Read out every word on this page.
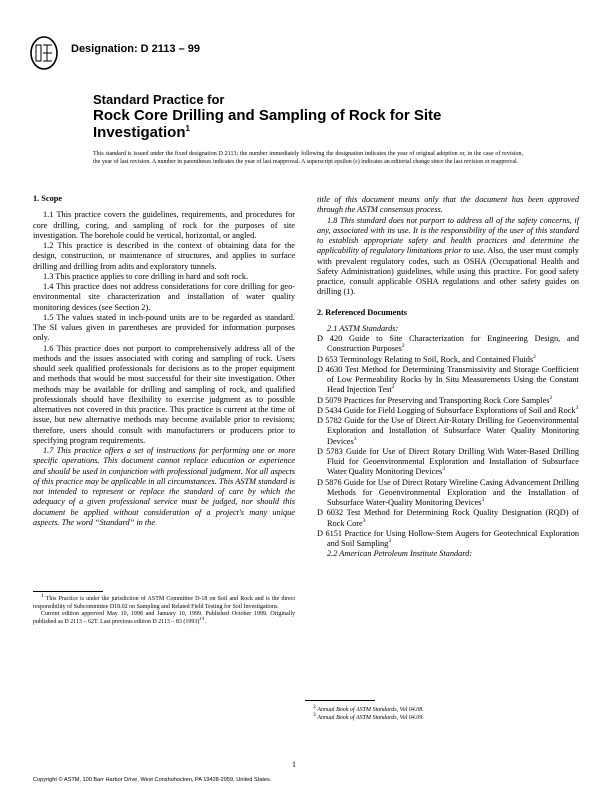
Designation: D 2113 – 99
Standard Practice for
Rock Core Drilling and Sampling of Rock for Site Investigation$^1$
This standard is issued under the fixed designation D 2113; the number immediately following the designation indicates the year of original adoption or, in the case of revision, the year of last revision. A number in parentheses indicates the year of last reapproval. A superscript epsilon (ε) indicates an editorial change since the last revision or reapproval.
1. Scope

1.1 This practice covers the guidelines, requirements, and procedures for core drilling, coring, and sampling of rock for the purposes of site investigation. The borehole could be vertical, horizontal, or angled.

1.2 This practice is described in the context of obtaining data for the design, construction, or maintenance of structures, and applies to surface drilling and drilling from adits and exploratory tunnels.

1.3 This practice applies to core drilling in hard and soft rock.

1.4 This practice does not address considerations for core drilling for geo-environmental site characterization and installation of water quality monitoring devices (see Section 2).

1.5 The values stated in inch-pound units are to be regarded as standard. The SI values given in parentheses are provided for information purposes only.

1.6 This practice does not purport to comprehensively address all of the methods and the issues associated with coring and sampling of rock. Users should seek qualified professionals for decisions as to the proper equipment and methods that would be most successful for their site investigation. Other methods may be available for drilling and sampling of rock, and qualified professionals should have flexibility to exercise judgment as to possible alternatives not covered in this practice. This practice is current at the time of issue, but new alternative methods may become available prior to revisions; therefore, users should consult with manufacturers or producers prior to specifying program requirements.

1.7 This practice offers a set of instructions for performing one or more specific operations. This document cannot replace education or experience and should be used in conjunction with professional judgment. Not all aspects of this practice may be applicable in all circumstances. This ASTM standard is not intended to represent or replace the standard of care by which the adequacy of a given professional service must be judged, nor should this document be applied without consideration of a project's many unique aspects. The word “Standard” in the

$^1$ This Practice is under the jurisdiction of ASTM Committee D-18 on Soil and Rock and is the direct responsibility of Subcommittee D18.02 on Sampling and Related Field Testing for Soil Investigations.

Current edition approved May 10, 1998 and January 10, 1999. Published October 1999. Originally published as D 2113 – 62T. Last previous edition D 2113 – 83 $(1993)^{\varepsilon 1}$.

title of this document means only that the document has been approved through the ASTM consensus process.

1.8 This standard does not purport to address all of the safety concerns, if any, associated with its use. It is the responsibility of the user of this standard to establish appropriate safety and health practices and determine the applicability of regulatory limitations prior to use. Also, the user must comply with prevalent regulatory codes, such as OSHA (Occupational Health and Safety Administration) guidelines, while using this practice. For good safety practice, consult applicable OSHA regulations and other safety guides on drilling (1).

2. Referenced Documents

2.1 ASTM Standards:

D 420 Guide to Site Characterization for Engineering Design, and Construction Purposes$^2$

D 653 Terminology Relating to Soil, Rock, and Contained Fluids$^2$

D 4630 Test Method for Determining Transmissivity and Storage Coefficient of Low Permeability Rocks by In Situ Measurements Using the Constant Head Injection Test$^2$

D 5079 Practices for Preserving and Transporting Rock Core Samples$^2$

D 5434 Guide for Field Logging of Subsurface Explorations of Soil and Rock$^3$

D 5782 Guide for the Use of Direct Air-Rotary Drilling for Geoenvironmental Exploration and Installation of Subsurface Water Quality Monitoring Devices$^3$

D 5783 Guide for Use of Direct Rotary Drilling With Water-Based Drilling Fluid for Geoenvironmental Exploration and Installation of Subsurface Water Quality Monitoring Devices$^3$

D 5876 Guide for Use of Direct Rotary Wireline Casing Advancement Drilling Methods for Geoenvironmental Exploration and the Installation of Subsurface Water-Quality Monitoring Devices$^3$

D 6032 Test Method for Determining Rock Quality Designation (RQD) of Rock Core$^3$

D 6151 Practice for Using Hollow-Stem Augers for Geotechnical Exploration and Soil Sampling$^3$

2.2 American Petroleum Institute Standard:

$^2$ Annual Book of ASTM Standards, Vol 04.08.

$^3$ Annual Book of ASTM Standards, Vol 04.09.

Copyright © ASTM, 100 Barr Harbor Drive, West Conshohocken, PA 19428-2959, United States.
1
